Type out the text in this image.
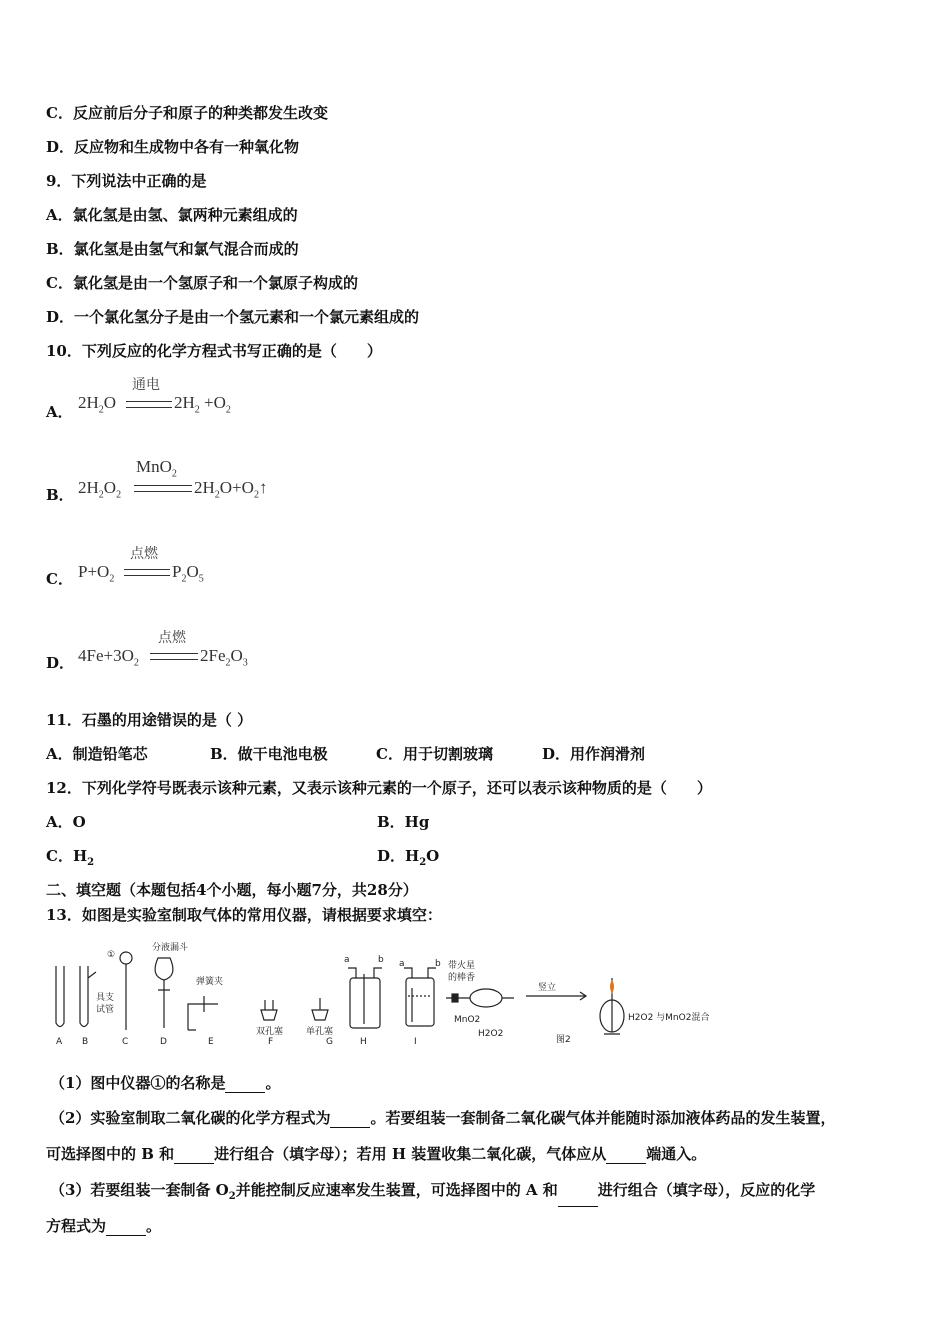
C．反应前后分子和原子的种类都发生改变
D．反应物和生成物中各有一种氧化物
9．下列说法中正确的是
A．氯化氢是由氢、氯两种元素组成的
B．氯化氢是由氢气和氯气混合而成的
C．氯化氢是由一个氢原子和一个氯原子构成的
D．一个氯化氢分子是由一个氢元素和一个氯元素组成的
10．下列反应的化学方程式书写正确的是（　　）
A． $2H_2O$
通电
$2H_2 +O_2$
B． $2H_2O_2$
MnO$_2$
$2H_2O+O_2↑$
C． $P+O_2$
点燃
$P_2O_5$
D． $4Fe+3O_2$
点燃
$2Fe_2O_3$
11．石墨的用途错误的是（ ）
A．制造铅笔芯	B．做干电池电极	C．用于切割玻璃	D．用作润滑剂
12．下列化学符号既表示该种元素，又表示该种元素的一个原子，还可以表示该种物质的是（　　）
A．O	B．Hg
C．$H_2$	D．$H_2O$
二、填空题（本题包括4个小题，每小题7分，共28分）
13．如图是实验室制取气体的常用仪器，请根据要求填空：
①
分液漏斗
具支
试管
弹簧夹
双孔塞	单孔塞
a	b a	b 带火星
的棒香
MnO2
H2O2
竖立
图2
H2O2 与MnO2混合
A B	C	D	E	F	G	H	I
（1）图中仪器①的名称是	。
（2）实验室制取二氧化碳的化学方程式为	。若要组装一套制备二氧化碳气体并能随时添加液体药品的发生装置，
可选择图中的 B 和	进行组合（填字母）；若用 H 装置收集二氧化碳，气体应从	端通入。
（3）若要组装一套制备 $O_2$并能控制反应速率发生装置，可选择图中的 A 和	进行组合（填字母），反应的化学
方程式为	。
